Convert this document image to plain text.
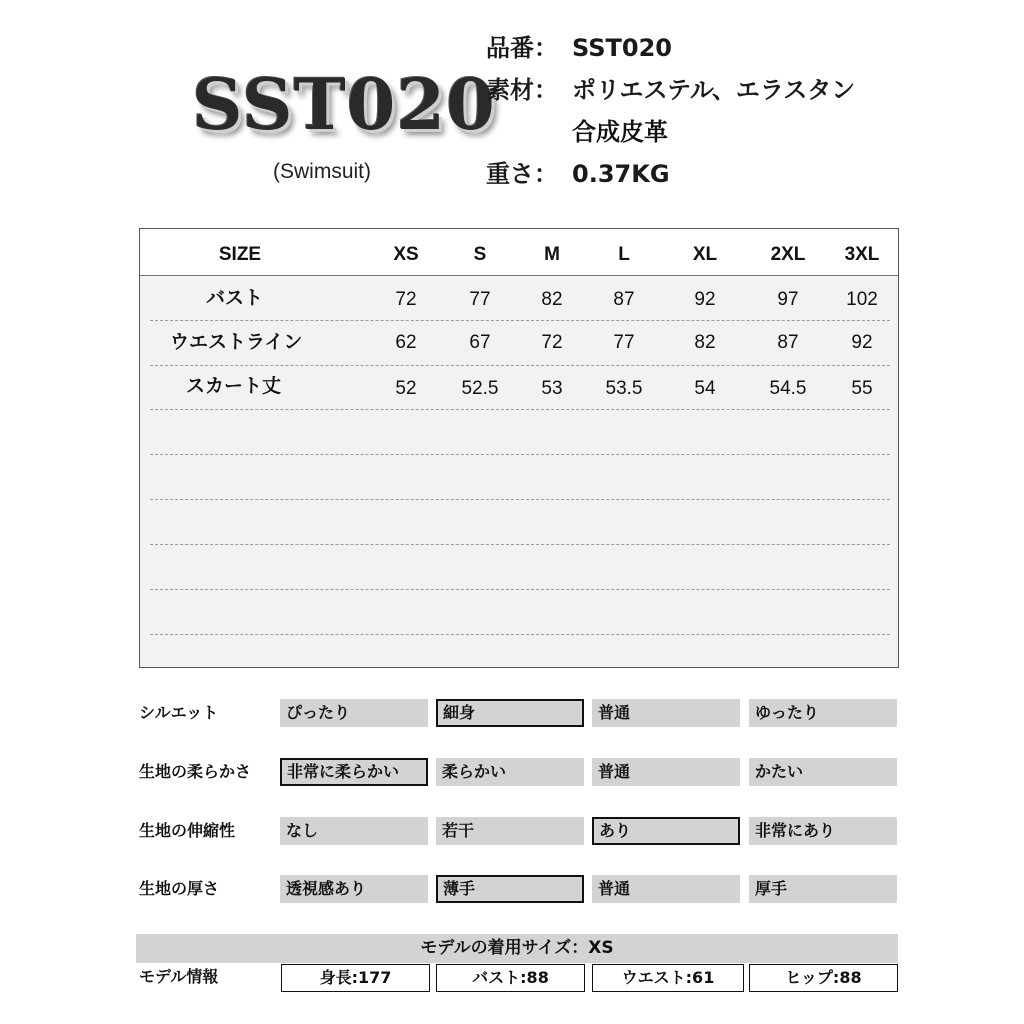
SST020
(Swimsuit)
品番： SST020
素材： ポリエステル、エラスタン
合成皮革
重さ： 0.37KG
SIZE	XS	S	M	L	XL	2XL	3XL
バスト	72	77	82	87	92	97	102
ウエストライン	62	67	72	77	82	87	92
スカート丈	52	52.5	53	53.5	54	54.5	55
シルエット	ぴったり	細身	普通	ゆったり
生地の柔らかさ	非常に柔らかい	柔らかい	普通	かたい
生地の伸縮性	なし	若干	あり	非常にあり
生地の厚さ	透視感あり	薄手	普通	厚手
モデルの着用サイズ：XS
モデル情報	身長:177	バスト:88	ウエスト:61	ヒップ:88
